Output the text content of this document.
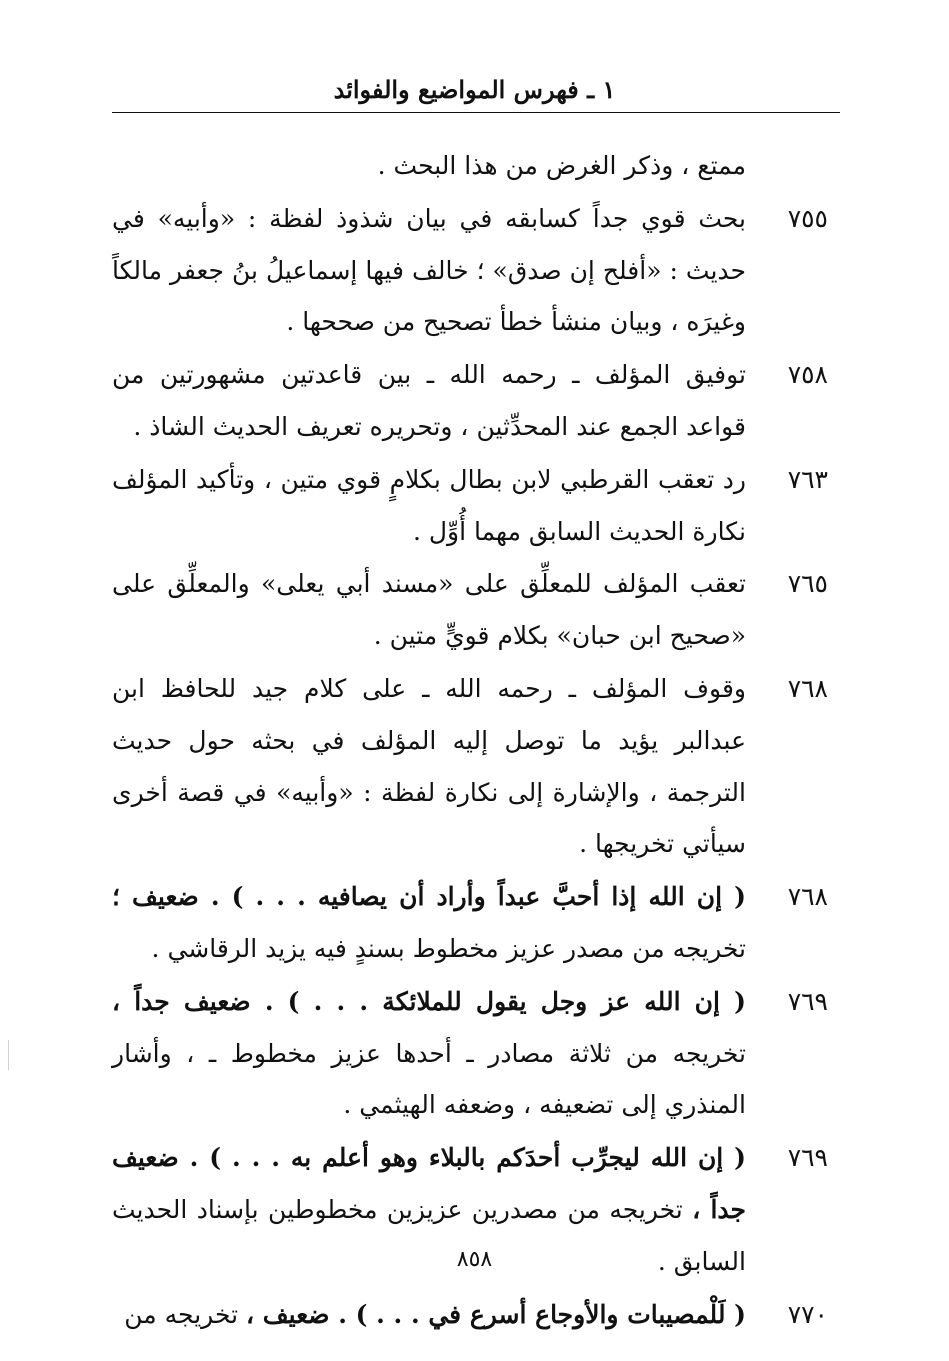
١ ـ فهرس المواضيع والفوائد
ممتع ، وذكر الغرض من هذا البحث .
٧٥٥
بحث قوي جداً كسابقه في بيان شذوذ لفظة : «وأبيه» في حديث : «أفلح إن صدق» ؛ خالف فيها إسماعيلُ بنُ جعفر مالكاً وغيرَه ، وبيان منشأ خطأ تصحيح من صححها .
٧٥٨
توفيق المؤلف ـ رحمه الله ـ بين قاعدتين مشهورتين من قواعد الجمع عند المحدِّثين ، وتحريره تعريف الحديث الشاذ .
٧٦٣
رد تعقب القرطبي لابن بطال بكلامٍ قوي متين ، وتأكيد المؤلف نكارة الحديث السابق مهما أُوِّل .
٧٦٥
تعقب المؤلف للمعلِّق على «مسند أبي يعلى» والمعلِّق على «صحيح ابن حبان» بكلام قويٍّ متين .
٧٦٨
وقوف المؤلف ـ رحمه الله ـ على كلام جيد للحافظ ابن عبدالبر يؤيد ما توصل إليه المؤلف في بحثه حول حديث الترجمة ، والإشارة إلى نكارة لفظة : «وأبيه» في قصة أخرى سيأتي تخريجها .
٧٦٨
( إن الله إذا أحبَّ عبداً وأراد أن يصافيه . . . ) . ضعيف ؛ تخريجه من مصدر عزيز مخطوط بسندٍ فيه يزيد الرقاشي .
٧٦٩
( إن الله عز وجل يقول للملائكة . . . ) . ضعيف جداً ، تخريجه من ثلاثة مصادر ـ أحدها عزيز مخطوط ـ ، وأشار المنذري إلى تضعيفه ، وضعفه الهيثمي .
٧٦٩
( إن الله ليجرِّب أحدَكم بالبلاء وهو أعلم به . . . ) . ضعيف جداً ، تخريجه من مصدرين عزيزين مخطوطين بإسناد الحديث السابق .
٧٧٠
( لَلْمصيبات والأوجاع أسرع في . . . ) . ضعيف ، تخريجه من
٨٥٨
